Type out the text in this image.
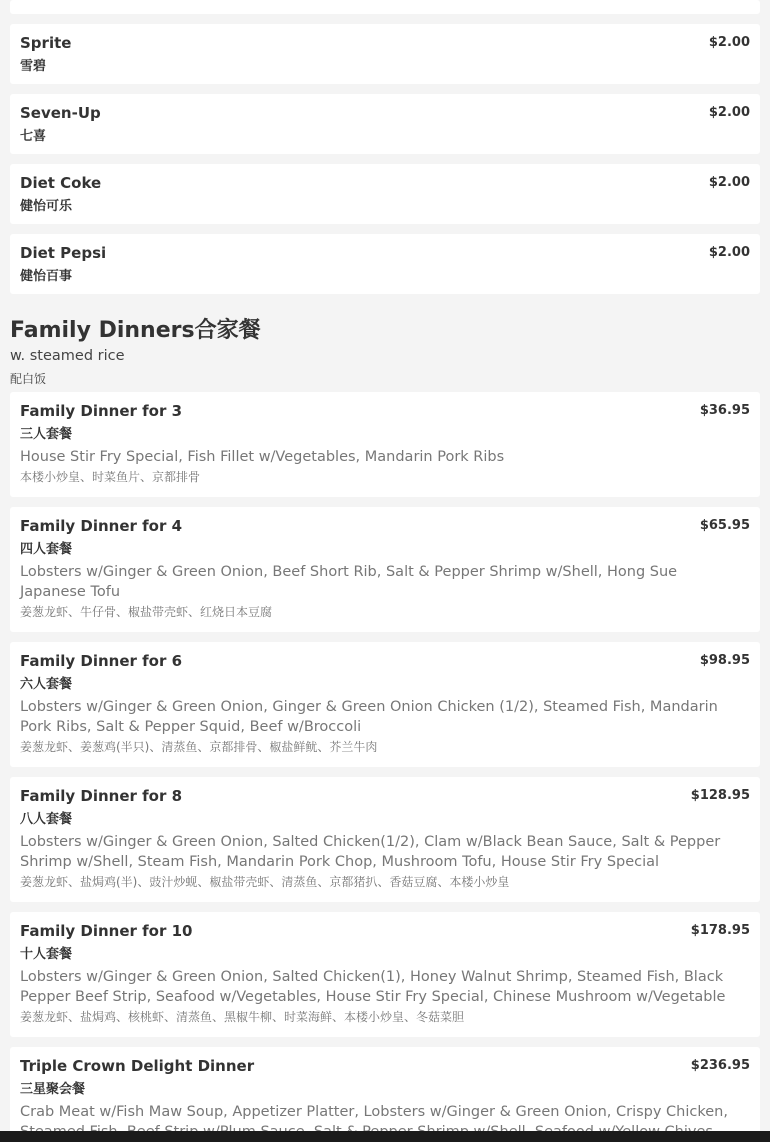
Sprite
雪碧
$2.00
Seven-Up
七喜
$2.00
Diet Coke
健怡可乐
$2.00
Diet Pepsi
健怡百事
$2.00
Family Dinners合家餐
w. steamed rice
配白饭
Family Dinner for 3
三人套餐
$36.95
House Stir Fry Special, Fish Fillet w/Vegetables, Mandarin Pork Ribs
本楼小炒皇、时菜鱼片、京都排骨
Family Dinner for 4
四人套餐
$65.95
Lobsters w/Ginger & Green Onion, Beef Short Rib, Salt & Pepper Shrimp w/Shell, Hong Sue Japanese Tofu
姜葱龙虾、牛仔骨、椒盐带壳虾、红烧日本豆腐
Family Dinner for 6
六人套餐
$98.95
Lobsters w/Ginger & Green Onion, Ginger & Green Onion Chicken (1/2), Steamed Fish, Mandarin Pork Ribs, Salt & Pepper Squid, Beef w/Broccoli
姜葱龙虾、姜葱鸡(半只)、清蒸鱼、京都排骨、椒盐鲜鱿、芥兰牛肉
Family Dinner for 8
八人套餐
$128.95
Lobsters w/Ginger & Green Onion, Salted Chicken(1/2), Clam w/Black Bean Sauce, Salt & Pepper Shrimp w/Shell, Steam Fish, Mandarin Pork Chop, Mushroom Tofu, House Stir Fry Special
姜葱龙虾、盐焗鸡(半)、豉汁炒蚬、椒盐带壳虾、清蒸鱼、京都猪扒、香菇豆腐、本楼小炒皇
Family Dinner for 10
十人套餐
$178.95
Lobsters w/Ginger & Green Onion, Salted Chicken(1), Honey Walnut Shrimp, Steamed Fish, Black Pepper Beef Strip, Seafood w/Vegetables, House Stir Fry Special, Chinese Mushroom w/Vegetable
姜葱龙虾、盐焗鸡、核桃虾、清蒸鱼、黑椒牛柳、时菜海鲜、本楼小炒皇、冬菇菜胆
Triple Crown Delight Dinner
三星聚会餐
$236.95
Crab Meat w/Fish Maw Soup, Appetizer Platter, Lobsters w/Ginger & Green Onion, Crispy Chicken,
